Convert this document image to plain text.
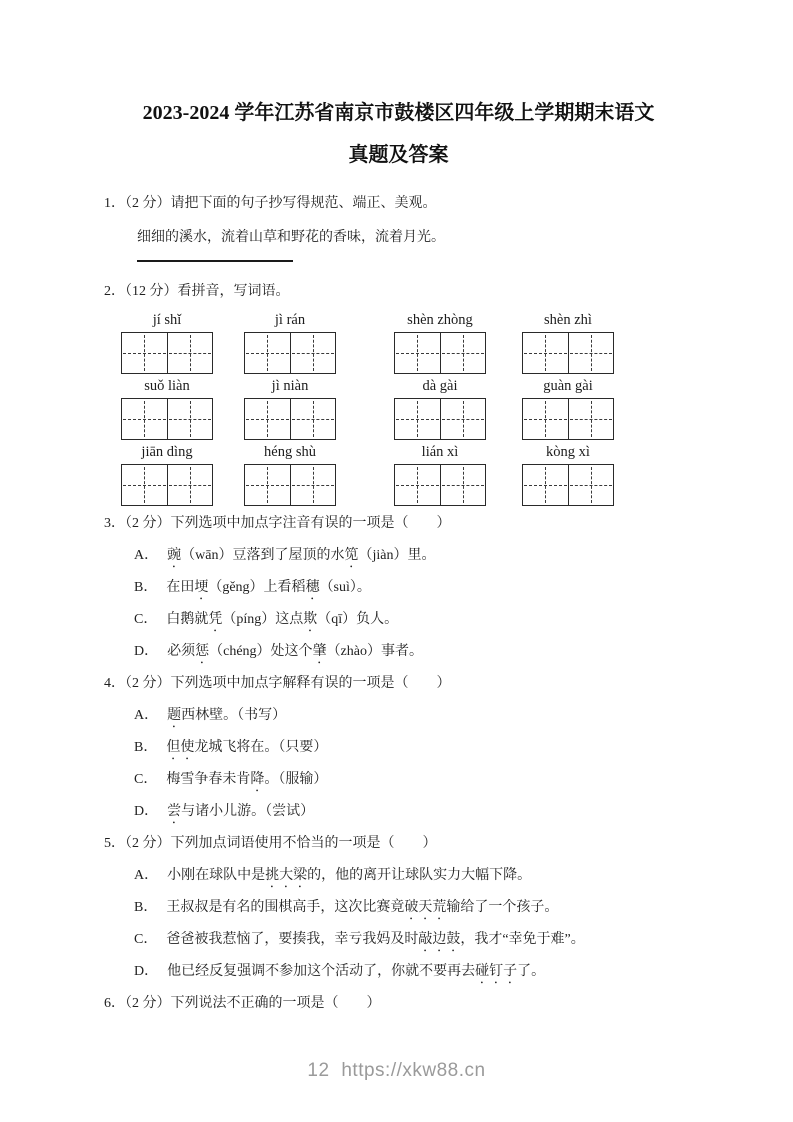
2023-2024 学年江苏省南京市鼓楼区四年级上学期期末语文
真题及答案

1．（2 分）请把下面的句子抄写得规范、端正、美观。

细细的溪水，流着山草和野花的香味，流着月光。

2．（12 分）看拼音，写词语。

jí shǐ	jì rán	shèn zhòng	shèn zhì
suǒ liàn	jì niàn	dà gài	guàn gài
jiān dìng	héng shù	lián xì	kòng xì

3．（2 分）下列选项中加点字注音有误的一项是（　　）

A． 豌（wān）豆落到了屋顶的水笕（jiàn）里。
B． 在田埂（gěng）上看稻穗（suì）。
C． 白鹅就凭（píng）这点欺（qī）负人。
D． 必须惩（chéng）处这个肇（zhào）事者。

4．（2 分）下列选项中加点字解释有误的一项是（　　）

A． 题西林壁。（书写）
B． 但使龙城飞将在。（只要）
C． 梅雪争春未肯降。（服输）
D． 尝与诸小儿游。（尝试）

5．（2 分）下列加点词语使用不恰当的一项是（　　）

A． 小刚在球队中是挑大梁的，他的离开让球队实力大幅下降。
B． 王叔叔是有名的围棋高手，这次比赛竟破天荒输给了一个孩子。
C． 爸爸被我惹恼了，要揍我，幸亏我妈及时敲边鼓，我才“幸免于难”。
D． 他已经反复强调不参加这个活动了，你就不要再去碰钉子了。

6．（2 分）下列说法不正确的一项是（　　）

12 https://xkw88.cn
